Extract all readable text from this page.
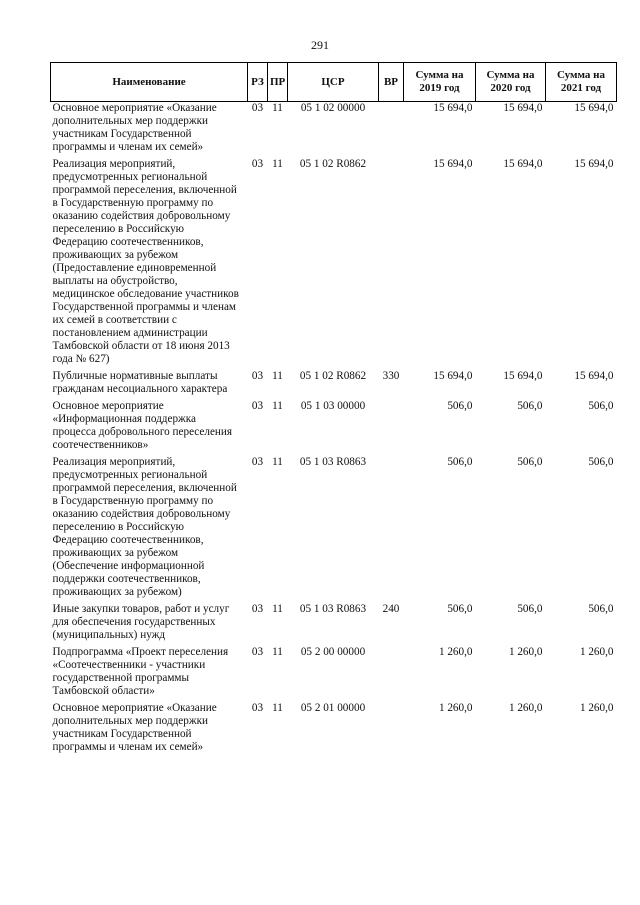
291
Наименование	РЗ	ПР	ЦСР	ВР	Сумма на 2019 год	Сумма на 2020 год	Сумма на 2021 год
Основное мероприятие «Оказание дополнительных мер поддержки участникам Государственной программы и членам их семей»	03	11	05 1 02 00000		15 694,0	15 694,0	15 694,0
Реализация мероприятий, предусмотренных региональной программой переселения, включенной в Государственную программу по оказанию содействия добровольному переселению в Российскую Федерацию соотечественников, проживающих за рубежом (Предоставление единовременной выплаты на обустройство, медицинское обследование участников Государственной программы и членам их семей в соответствии с постановлением администрации Тамбовской области от 18 июня 2013 года № 627)	03	11	05 1 02 R0862		15 694,0	15 694,0	15 694,0
Публичные нормативные выплаты гражданам несоциального характера	03	11	05 1 02 R0862	330	15 694,0	15 694,0	15 694,0
Основное мероприятие «Информационная поддержка процесса добровольного переселения соотечественников»	03	11	05 1 03 00000		506,0	506,0	506,0
Реализация мероприятий, предусмотренных региональной программой переселения, включенной в Государственную программу по оказанию содействия добровольному переселению в Российскую Федерацию соотечественников, проживающих за рубежом (Обеспечение информационной поддержки соотечественников, проживающих за рубежом)	03	11	05 1 03 R0863		506,0	506,0	506,0
Иные закупки товаров, работ и услуг для обеспечения государственных (муниципальных) нужд	03	11	05 1 03 R0863	240	506,0	506,0	506,0
Подпрограмма «Проект переселения «Соотечественники - участники государственной программы Тамбовской области»	03	11	05 2 00 00000		1 260,0	1 260,0	1 260,0
Основное мероприятие «Оказание дополнительных мер поддержки участникам Государственной программы и членам их семей»	03	11	05 2 01 00000		1 260,0	1 260,0	1 260,0
